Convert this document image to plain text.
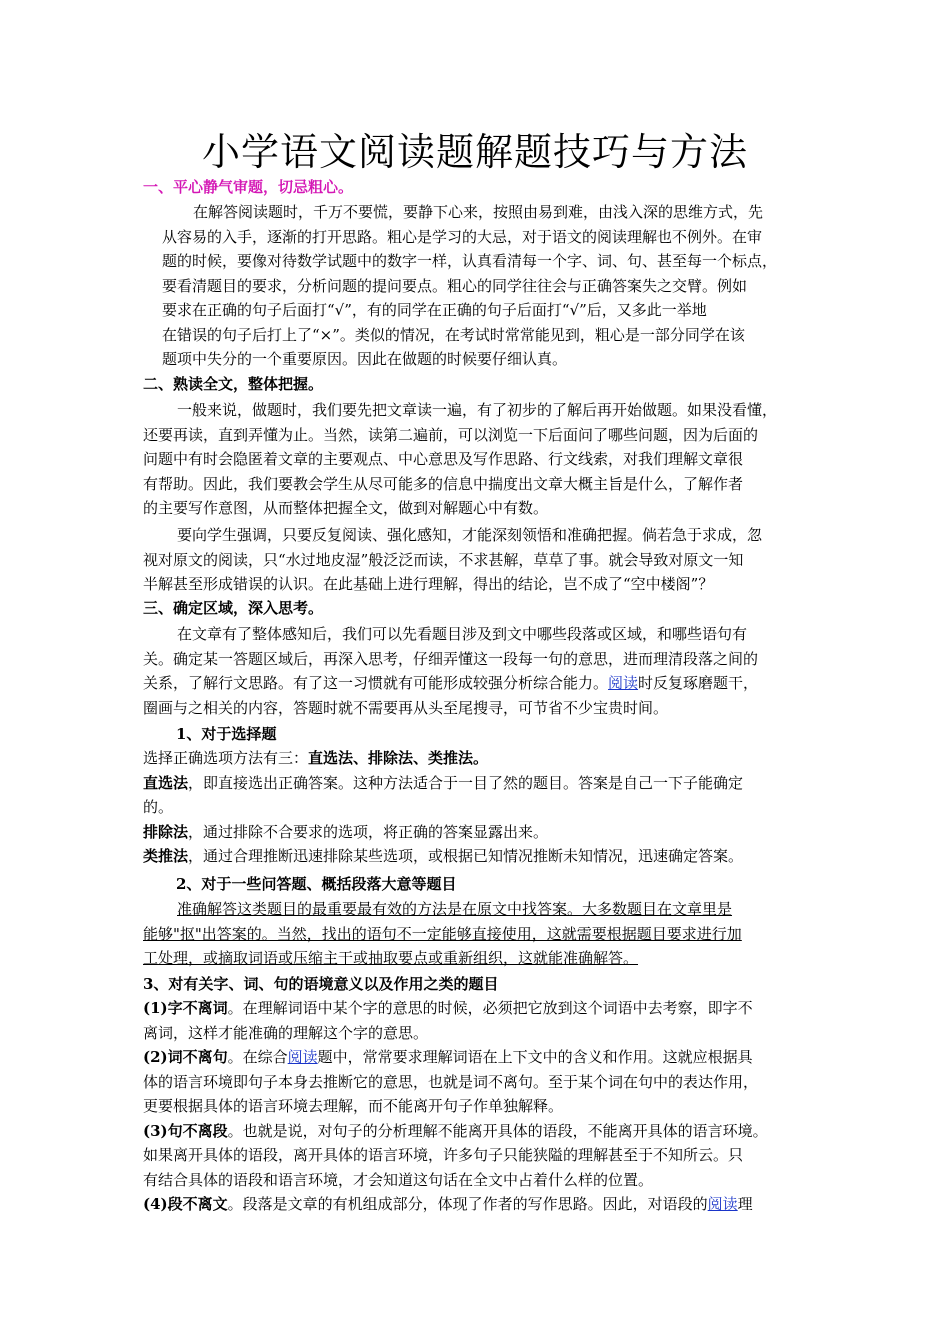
小学语文阅读题解题技巧与方法
一、平心静气审题，切忌粗心。
在解答阅读题时，千万不要慌，要静下心来，按照由易到难，由浅入深的思维方式，先
从容易的入手，逐渐的打开思路。粗心是学习的大忌，对于语文的阅读理解也不例外。在审
题的时候，要像对待数学试题中的数字一样，认真看清每一个字、词、句、甚至每一个标点，
要看清题目的要求，分析问题的提问要点。粗心的同学往往会与正确答案失之交臂。例如
要求在正确的句子后面打“√”，有的同学在正确的句子后面打“√”后，又多此一举地
在错误的句子后打上了“×”。类似的情况，在考试时常常能见到，粗心是一部分同学在该
题项中失分的一个重要原因。因此在做题的时候要仔细认真。
二、熟读全文，整体把握。
一般来说，做题时，我们要先把文章读一遍，有了初步的了解后再开始做题。如果没看懂，
还要再读，直到弄懂为止。当然，读第二遍前，可以浏览一下后面问了哪些问题，因为后面的
问题中有时会隐匿着文章的主要观点、中心意思及写作思路、行文线索，对我们理解文章很
有帮助。因此，我们要教会学生从尽可能多的信息中揣度出文章大概主旨是什么，了解作者
的主要写作意图，从而整体把握全文，做到对解题心中有数。
要向学生强调，只要反复阅读、强化感知，才能深刻领悟和准确把握。倘若急于求成，忽
视对原文的阅读，只“水过地皮湿”般泛泛而读，不求甚解，草草了事。就会导致对原文一知
半解甚至形成错误的认识。在此基础上进行理解，得出的结论，岂不成了“空中楼阁”？
三、确定区域，深入思考。
在文章有了整体感知后，我们可以先看题目涉及到文中哪些段落或区域，和哪些语句有
关。确定某一答题区域后，再深入思考，仔细弄懂这一段每一句的意思，进而理清段落之间的
关系，了解行文思路。有了这一习惯就有可能形成较强分析综合能力。阅读时反复琢磨题干，
圈画与之相关的内容，答题时就不需要再从头至尾搜寻，可节省不少宝贵时间。
1、对于选择题
选择正确选项方法有三：直选法、排除法、类推法。
直选法，即直接选出正确答案。这种方法适合于一目了然的题目。答案是自己一下子能确定
的。
排除法，通过排除不合要求的选项，将正确的答案显露出来。
类推法，通过合理推断迅速排除某些选项，或根据已知情况推断未知情况，迅速确定答案。
2、对于一些问答题、概括段落大意等题目
准确解答这类题目的最重要最有效的方法是在原文中找答案。大多数题目在文章里是
能够"抠"出答案的。当然，找出的语句不一定能够直接使用，这就需要根据题目要求进行加
工处理，或摘取词语或压缩主干或抽取要点或重新组织，这就能准确解答。
3、对有关字、词、句的语境意义以及作用之类的题目
(1)字不离词。在理解词语中某个字的意思的时候，必须把它放到这个词语中去考察，即字不
离词，这样才能准确的理解这个字的意思。
(2)词不离句。在综合阅读题中，常常要求理解词语在上下文中的含义和作用。这就应根据具
体的语言环境即句子本身去推断它的意思，也就是词不离句。至于某个词在句中的表达作用，
更要根据具体的语言环境去理解，而不能离开句子作单独解释。
(3)句不离段。也就是说，对句子的分析理解不能离开具体的语段，不能离开具体的语言环境。
如果离开具体的语段，离开具体的语言环境，许多句子只能狭隘的理解甚至于不知所云。只
有结合具体的语段和语言环境，才会知道这句话在全文中占着什么样的位置。
(4)段不离文。段落是文章的有机组成部分，体现了作者的写作思路。因此，对语段的阅读理
